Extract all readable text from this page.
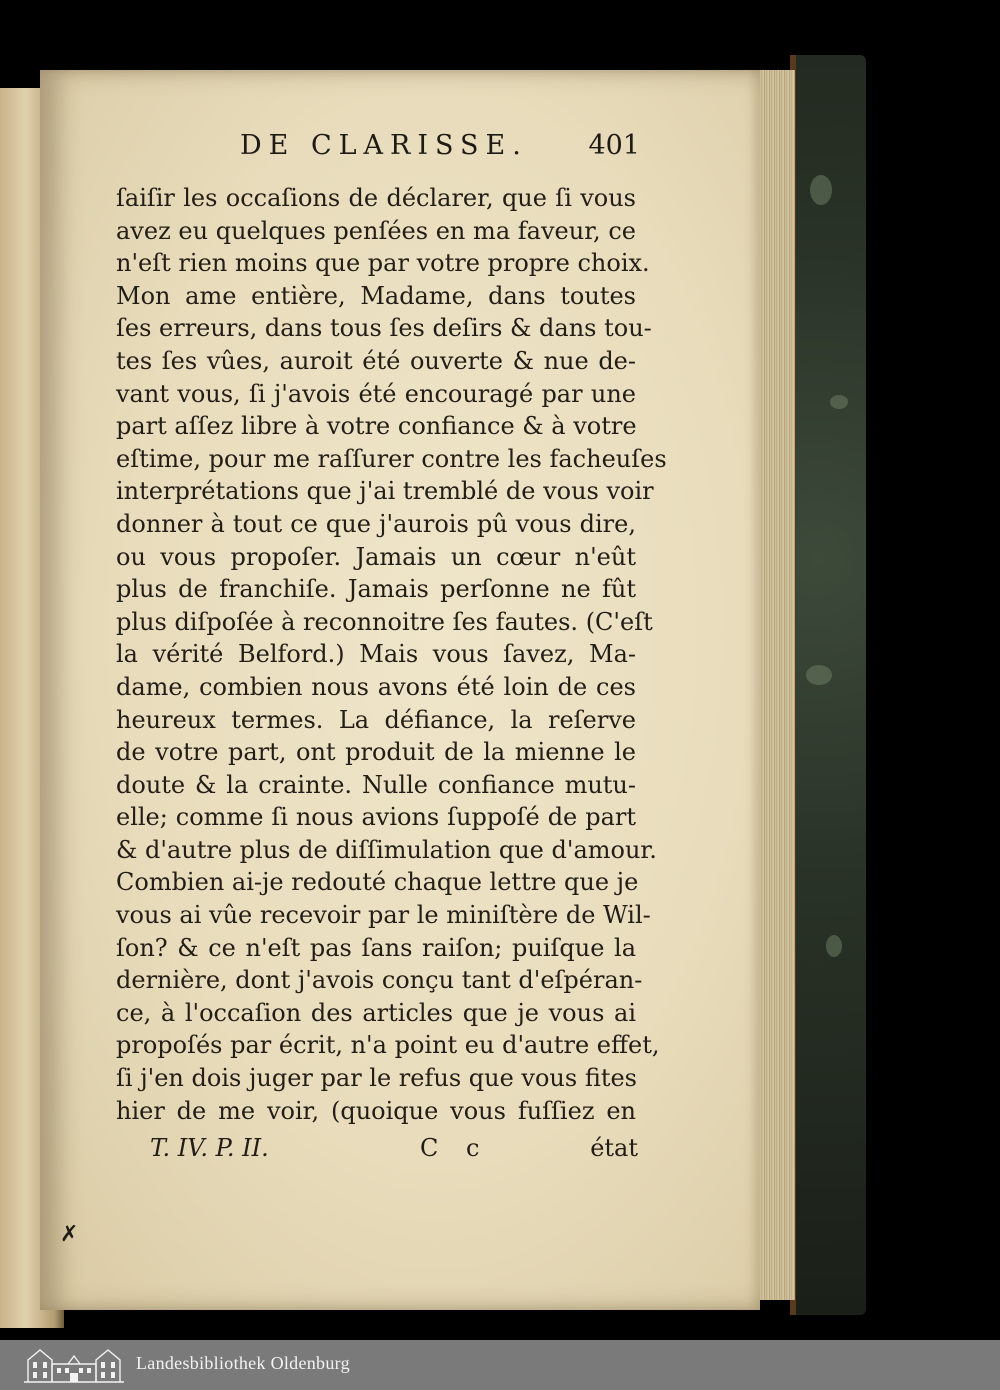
DE CLARISSE. 401
ſaiſir les occaſions de déclarer, que ſi vous
avez eu quelques penſées en ma faveur, ce
n'eſt rien moins que par votre propre choix.
Mon ame entière, Madame, dans toutes
ſes erreurs, dans tous ſes deſirs & dans tou-
tes ſes vûes, auroit été ouverte & nue de-
vant vous, ſi j'avois été encouragé par une
part aſſez libre à votre confiance & à votre
eſtime, pour me raſſurer contre les facheuſes
interprétations que j'ai tremblé de vous voir
donner à tout ce que j'aurois pû vous dire,
ou vous propoſer. Jamais un cœur n'eût
plus de franchiſe. Jamais perſonne ne fût
plus diſpoſée à reconnoitre ſes fautes. (C'eſt
la vérité Belford.) Mais vous ſavez, Ma-
dame, combien nous avons été loin de ces
heureux termes. La défiance, la reſerve
de votre part, ont produit de la mienne le
doute & la crainte. Nulle confiance mutu-
elle; comme ſi nous avions ſuppoſé de part
& d'autre plus de diſſimulation que d'amour.
Combien ai-je redouté chaque lettre que je
vous ai vûe recevoir par le miniſtère de Wil-
ſon? & ce n'eſt pas ſans raiſon; puiſque la
dernière, dont j'avois conçu tant d'eſpéran-
ce, à l'occaſion des articles que je vous ai
propoſés par écrit, n'a point eu d'autre effet,
ſi j'en dois juger par le refus que vous fites
hier de me voir, (quoique vous fuſſiez en
T. IV. P. II.	C c	état
✗
Landesbibliothek Oldenburg
